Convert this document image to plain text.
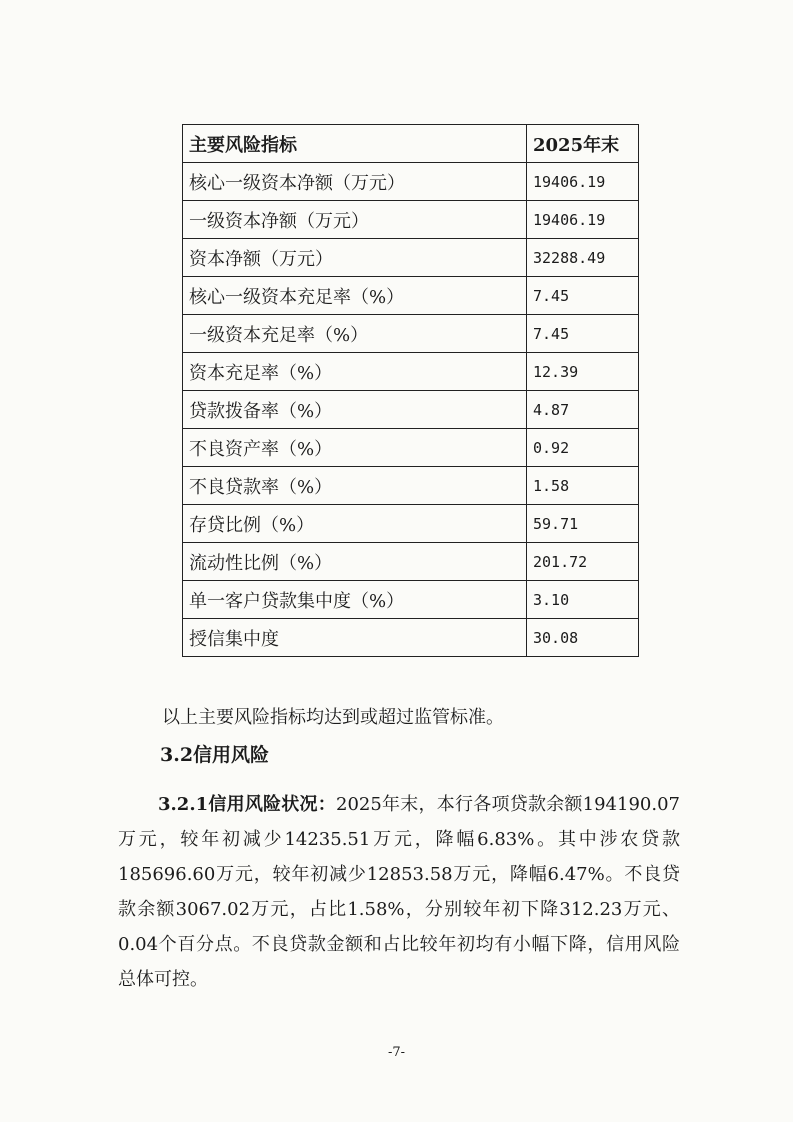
主要风险指标	2025年末
核心一级资本净额（万元）	19406.19
一级资本净额（万元）	19406.19
资本净额（万元）	32288.49
核心一级资本充足率（%）	7.45
一级资本充足率（%）	7.45
资本充足率（%）	12.39
贷款拨备率（%）	4.87
不良资产率（%）	0.92
不良贷款率（%）	1.58
存贷比例（%）	59.71
流动性比例（%）	201.72
单一客户贷款集中度（%）	3.10
授信集中度	30.08
以上主要风险指标均达到或超过监管标准。
3.2信用风险

3.2.1信用风险状况：2025年末，本行各项贷款余额194190.07万元，较年初减少14235.51万元，降幅6.83%。其中涉农贷款185696.60万元，较年初减少12853.58万元，降幅6.47%。不良贷款余额3067.02万元，占比1.58%，分别较年初下降312.23万元、0.04个百分点。不良贷款金额和占比较年初均有小幅下降，信用风险总体可控。

-7-
